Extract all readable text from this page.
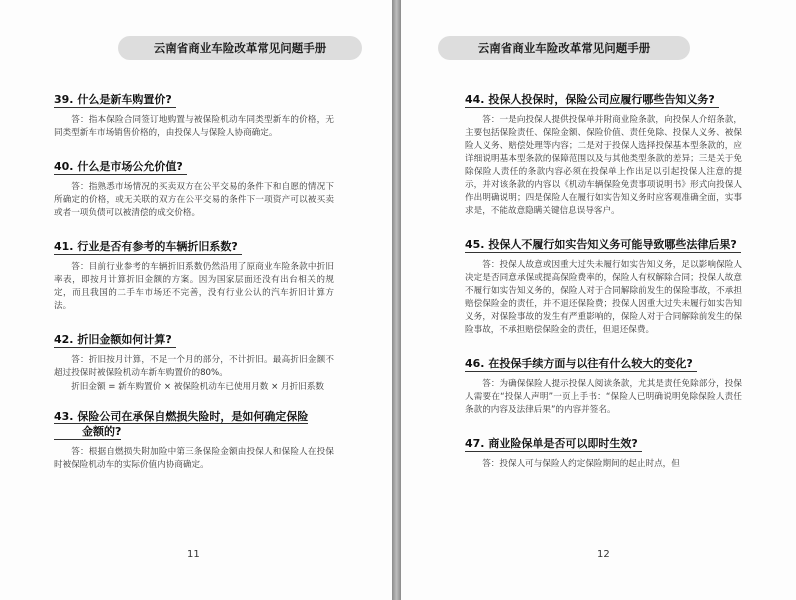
云南省商业车险改革常见问题手册

39. 什么是新车购置价?

答：指本保险合同签订地购置与被保险机动车同类型新车的价格，无同类型新车市场销售价格的，由投保人与保险人协商确定。

40. 什么是市场公允价值?

答：指熟悉市场情况的买卖双方在公平交易的条件下和自愿的情况下所确定的价格，或无关联的双方在公平交易的条件下一项资产可以被买卖或者一项负债可以被清偿的成交价格。

41. 行业是否有参考的车辆折旧系数?

答：目前行业参考的车辆折旧系数仍然沿用了原商业车险条款中折旧率表，即按月计算折旧金额的方案。因为国家层面还没有出台相关的规定，而且我国的二手车市场还不完善，没有行业公认的汽车折旧计算方法。

42. 折旧金额如何计算?

答：折旧按月计算，不足一个月的部分，不计折旧。最高折旧金额不超过投保时被保险机动车新车购置价的80%。

折旧金额 = 新车购置价 × 被保险机动车已使用月数 × 月折旧系数

43. 保险公司在承保自燃损失险时，是如何确定保险
金额的?

答：根据自燃损失附加险中第三条保险金额由投保人和保险人在投保时被保险机动车的实际价值内协商确定。

11
云南省商业车险改革常见问题手册

44. 投保人投保时，保险公司应履行哪些告知义务?

答：一是向投保人提供投保单并附商业险条款，向投保人介绍条款，主要包括保险责任、保险金额、保险价值、责任免除、投保人义务、被保险人义务、赔偿处理等内容；二是对于投保人选择投保基本型条款的，应详细说明基本型条款的保障范围以及与其他类型条款的差异；三是关于免除保险人责任的条款内容必须在投保单上作出足以引起投保人注意的提示，并对该条款的内容以《机动车辆保险免责事项说明书》形式向投保人作出明确说明；四是保险人在履行如实告知义务时应客观准确全面，实事求是，不能故意隐瞒关键信息误导客户。

45. 投保人不履行如实告知义务可能导致哪些法律后果?

答：投保人故意或因重大过失未履行如实告知义务，足以影响保险人决定是否同意承保或提高保险费率的，保险人有权解除合同；投保人故意不履行如实告知义务的，保险人对于合同解除前发生的保险事故，不承担赔偿保险金的责任，并不退还保险费；投保人因重大过失未履行如实告知义务，对保险事故的发生有严重影响的，保险人对于合同解除前发生的保险事故，不承担赔偿保险金的责任，但退还保费。

46. 在投保手续方面与以往有什么较大的变化?

答：为确保保险人提示投保人阅读条款，尤其是责任免除部分，投保人需要在“投保人声明”一页上手书：“保险人已明确说明免除保险人责任条款的内容及法律后果”的内容并签名。

47. 商业险保单是否可以即时生效?

答：投保人可与保险人约定保险期间的起止时点，但

12
